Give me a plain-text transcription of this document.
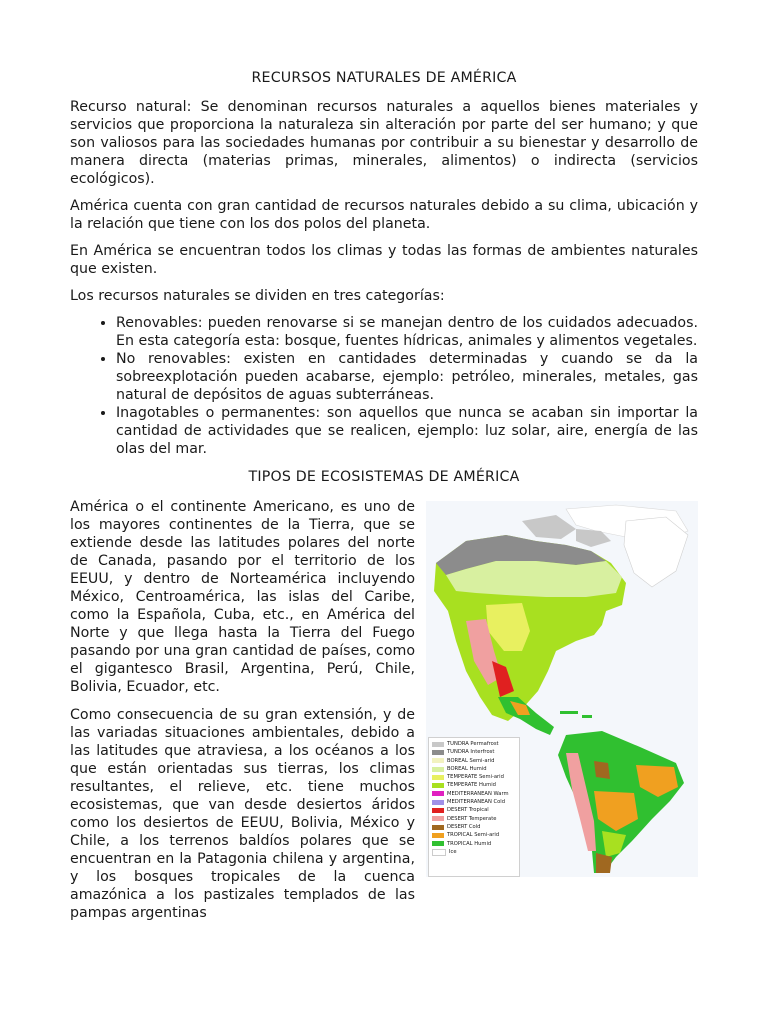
RECURSOS NATURALES DE AMÉRICA

Recurso natural: Se denominan recursos naturales a aquellos bienes materiales y servicios que proporciona la naturaleza sin alteración por parte del ser humano; y que son valiosos para las sociedades humanas por contribuir a su bienestar y desarrollo de manera directa (materias primas, minerales, alimentos) o indirecta (servicios ecológicos).

América cuenta con gran cantidad de recursos naturales debido a su clima, ubicación y la relación que tiene con los dos polos del planeta.

En América se encuentran todos los climas y todas las formas de ambientes naturales que existen.

Los recursos naturales se dividen en tres categorías:

• Renovables: pueden renovarse si se manejan dentro de los cuidados adecuados. En esta categoría esta: bosque, fuentes hídricas, animales y alimentos vegetales.
• No renovables: existen en cantidades determinadas y cuando se da la sobreexplotación pueden acabarse, ejemplo: petróleo, minerales, metales, gas natural de depósitos de aguas subterráneas.
• Inagotables o permanentes: son aquellos que nunca se acaban sin importar la cantidad de actividades que se realicen, ejemplo: luz solar, aire, energía de las olas del mar.
TIPOS DE ECOSISTEMAS DE AMÉRICA

América o el continente Americano, es uno de los mayores continentes de la Tierra, que se extiende desde las latitudes polares del norte de Canada, pasando por el territorio de los EEUU, y dentro de Norteamérica incluyendo México, Centroamérica, las islas del Caribe, como la Española, Cuba, etc., en América del Norte y que llega hasta la Tierra del Fuego pasando por una gran cantidad de países, como el gigantesco Brasil, Argentina, Perú, Chile, Bolivia, Ecuador, etc.

Como consecuencia de su gran extensión, y de las variadas situaciones ambientales, debido a las latitudes que atraviesa, a los océanos a los que están orientadas sus tierras, los climas resultantes, el relieve, etc. tiene muchos ecosistemas, que van desde desiertos áridos como los desiertos de EEUU, Bolivia, México y Chile, a los terrenos baldíos polares que se encuentran en la Patagonia chilena y argentina, y los bosques tropicales de la cuenca amazónica a los pastizales templados de las pampas argentinas

TUNDRA Permafrost
TUNDRA Interfrost
BOREAL Semi-arid
BOREAL Humid
TEMPERATE Semi-arid
TEMPERATE Humid
MEDITERRANEAN Warm
MEDITERRANEAN Cold
DESERT Tropical
DESERT Temperate
DESERT Cold
TROPICAL Semi-arid
TROPICAL Humid
Ice
